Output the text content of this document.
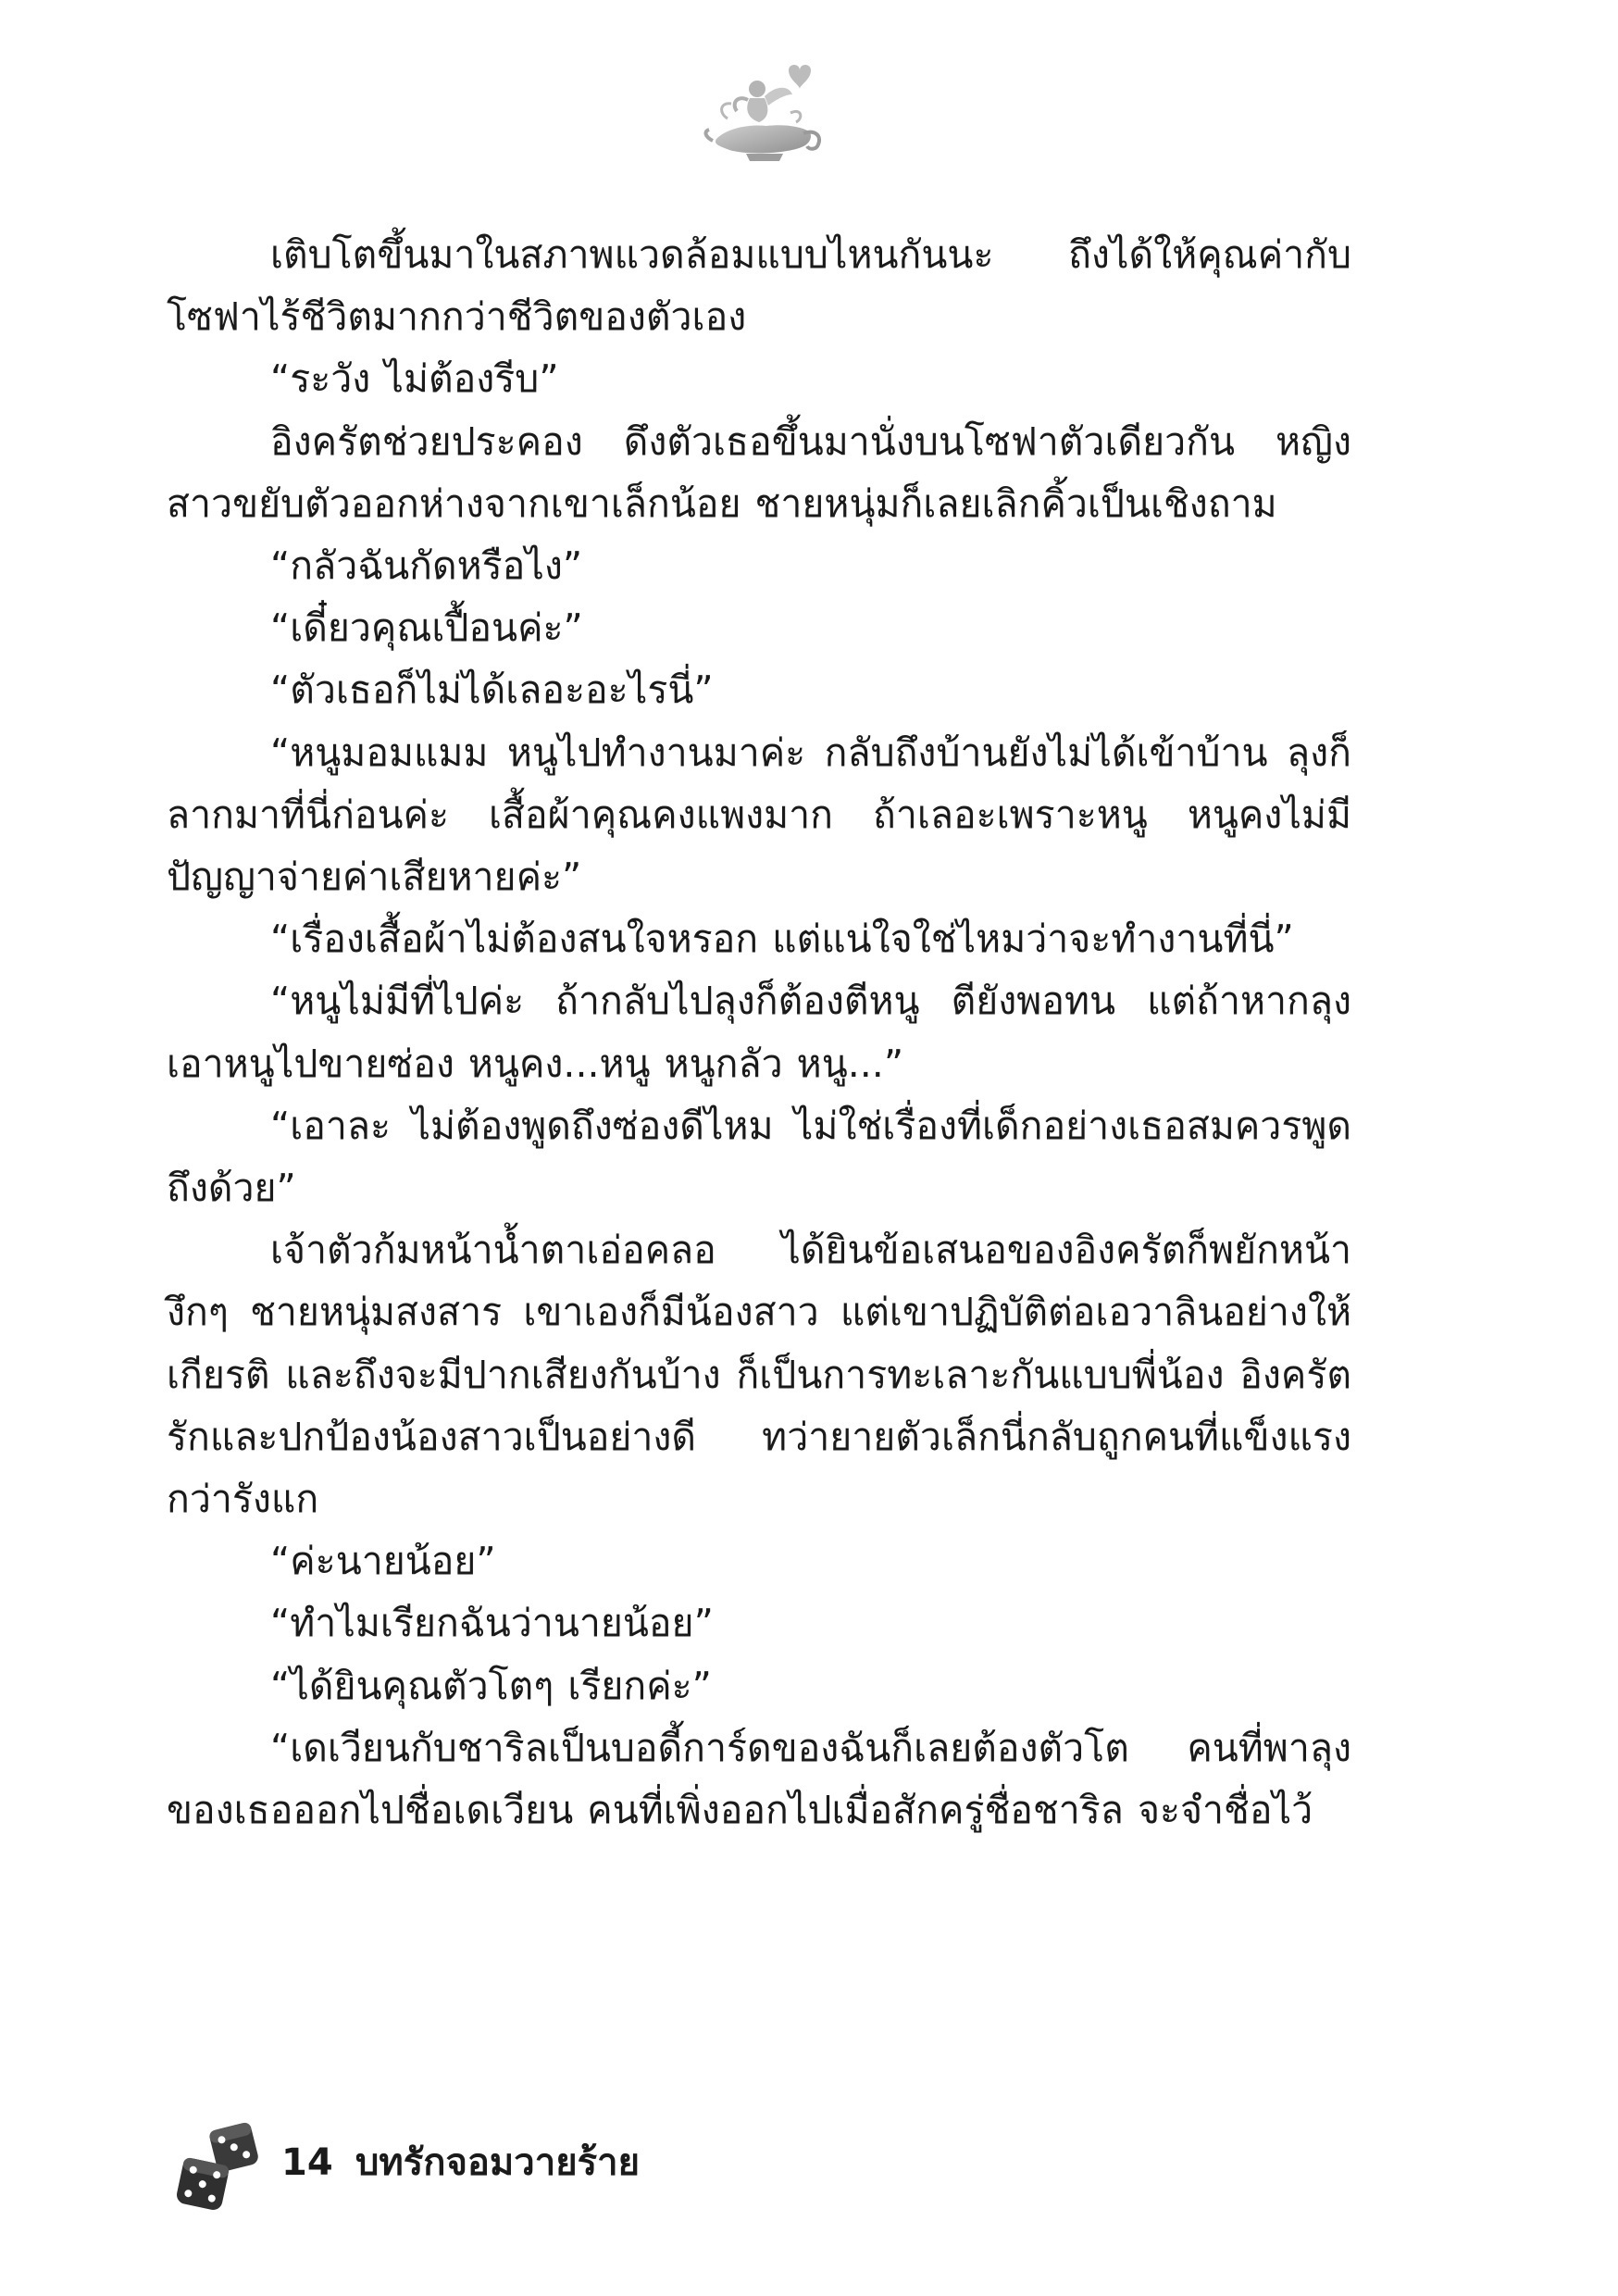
เติบโตขึ้นมาในสภาพแวดล้อมแบบไหนกันนะ ถึงได้ให้คุณค่ากับโซฟาไร้ชีวิตมากกว่าชีวิตของตัวเอง

“ระวัง ไม่ต้องรีบ”

อิงครัตช่วยประคอง ดึงตัวเธอขึ้นมานั่งบนโซฟาตัวเดียวกัน หญิงสาวขยับตัวออกห่างจากเขาเล็กน้อย ชายหนุ่มก็เลยเลิกคิ้วเป็นเชิงถาม

“กลัวฉันกัดหรือไง”

“เดี๋ยวคุณเปื้อนค่ะ”

“ตัวเธอก็ไม่ได้เลอะอะไรนี่”

“หนูมอมแมม หนูไปทำงานมาค่ะ กลับถึงบ้านยังไม่ได้เข้าบ้าน ลุงก็ลากมาที่นี่ก่อนค่ะ เสื้อผ้าคุณคงแพงมาก ถ้าเลอะเพราะหนู หนูคงไม่มีปัญญาจ่ายค่าเสียหายค่ะ”

“เรื่องเสื้อผ้าไม่ต้องสนใจหรอก แต่แน่ใจใช่ไหมว่าจะทำงานที่นี่”

“หนูไม่มีที่ไปค่ะ ถ้ากลับไปลุงก็ต้องตีหนู ตียังพอทน แต่ถ้าหากลุงเอาหนูไปขายซ่อง หนูคง...หนู หนูกลัว หนู...”

“เอาละ ไม่ต้องพูดถึงซ่องดีไหม ไม่ใช่เรื่องที่เด็กอย่างเธอสมควรพูดถึงด้วย”

เจ้าตัวก้มหน้าน้ำตาเอ่อคลอ ได้ยินข้อเสนอของอิงครัตก็พยักหน้างึกๆ ชายหนุ่มสงสาร เขาเองก็มีน้องสาว แต่เขาปฏิบัติต่อเอวาลินอย่างให้เกียรติ และถึงจะมีปากเสียงกันบ้าง ก็เป็นการทะเลาะกันแบบพี่น้อง อิงครัตรักและปกป้องน้องสาวเป็นอย่างดี ทว่ายายตัวเล็กนี่กลับถูกคนที่แข็งแรงกว่ารังแก

“ค่ะนายน้อย”

“ทำไมเรียกฉันว่านายน้อย”

“ได้ยินคุณตัวโตๆ เรียกค่ะ”

“เดเวียนกับชาริลเป็นบอดี้การ์ดของฉันก็เลยต้องตัวโต คนที่พาลุงของเธอออกไปชื่อเดเวียน คนที่เพิ่งออกไปเมื่อสักครู่ชื่อชาริล จะจำชื่อไว้

14 บทรักจอมวายร้าย
